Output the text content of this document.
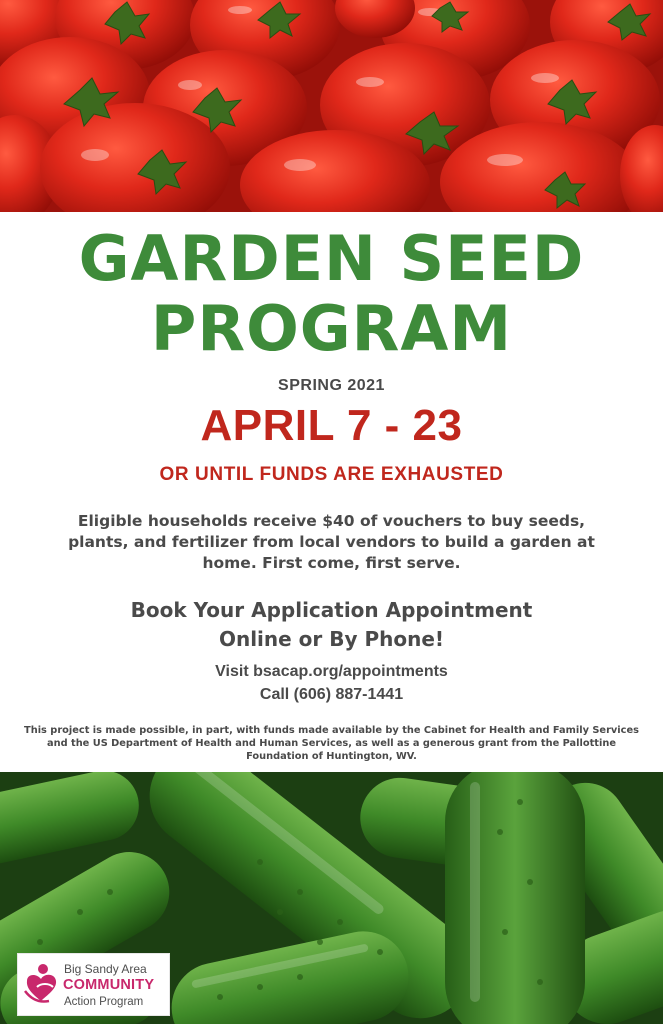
GARDEN SEED
PROGRAM
SPRING 2021
APRIL 7 - 23
OR UNTIL FUNDS ARE EXHAUSTED

Eligible households receive $40 of vouchers to buy seeds, plants, and fertilizer from local vendors to build a garden at home. First come, first serve.

Book Your Application Appointment
Online or By Phone!
Visit bsacap.org/appointments
Call (606) 887-1441

This project is made possible, in part, with funds made available by the Cabinet for Health and Family Services and the US Department of Health and Human Services, as well as a generous grant from the Pallottine Foundation of Huntington, WV.

Big Sandy Area
COMMUNITY
Action Program
